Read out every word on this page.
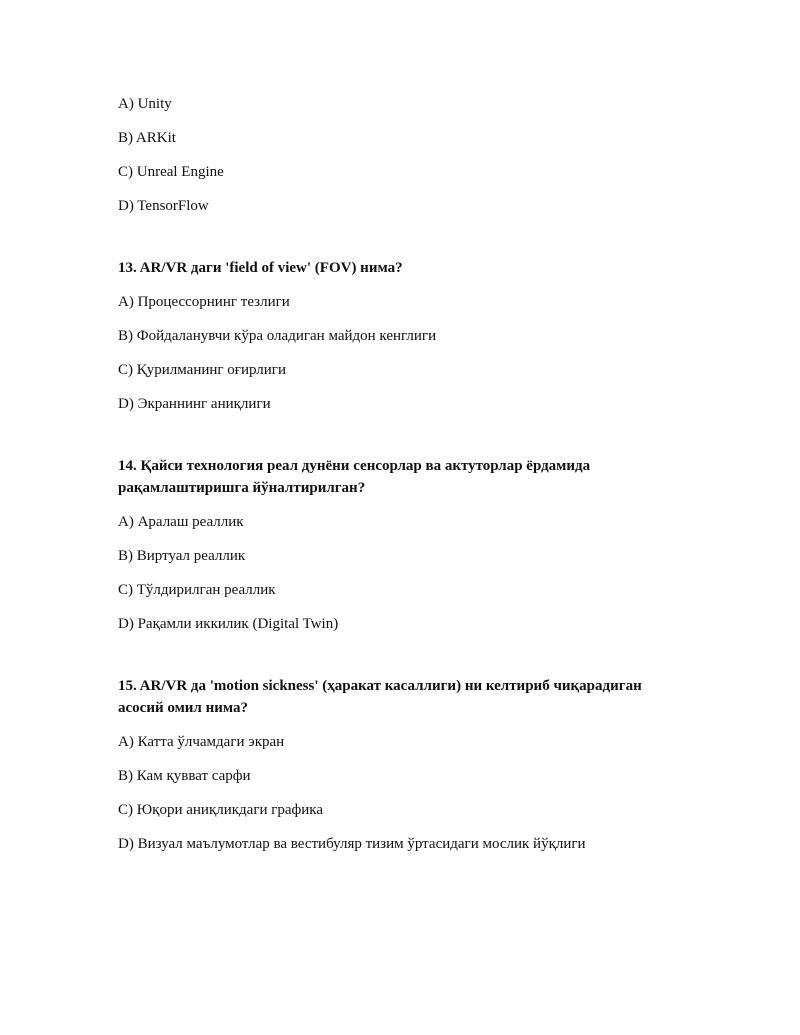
A) Unity
B) ARKit
C) Unreal Engine
D) TensorFlow
13. AR/VR даги 'field of view' (FOV) нима?
A) Процессорнинг тезлиги
B) Фойдаланувчи кўра оладиган майдон кенглиги
C) Қурилманинг оғирлиги
D) Экраннинг аниқлиги
14. Қайси технология реал дунёни сенсорлар ва актуторлар ёрдамида рақамлаштиришга йўналтирилган?
A) Аралаш реаллик
B) Виртуал реаллик
C) Тўлдирилган реаллик
D) Рақамли иккилик (Digital Twin)
15. AR/VR да 'motion sickness' (ҳаракат касаллиги) ни келтириб чиқарадиган асосий омил нима?
A) Катта ўлчамдаги экран
B) Кам қувват сарфи
C) Юқори аниқликдаги графика
D) Визуал маълумотлар ва вестибуляр тизим ўртасидаги мослик йўқлиги
